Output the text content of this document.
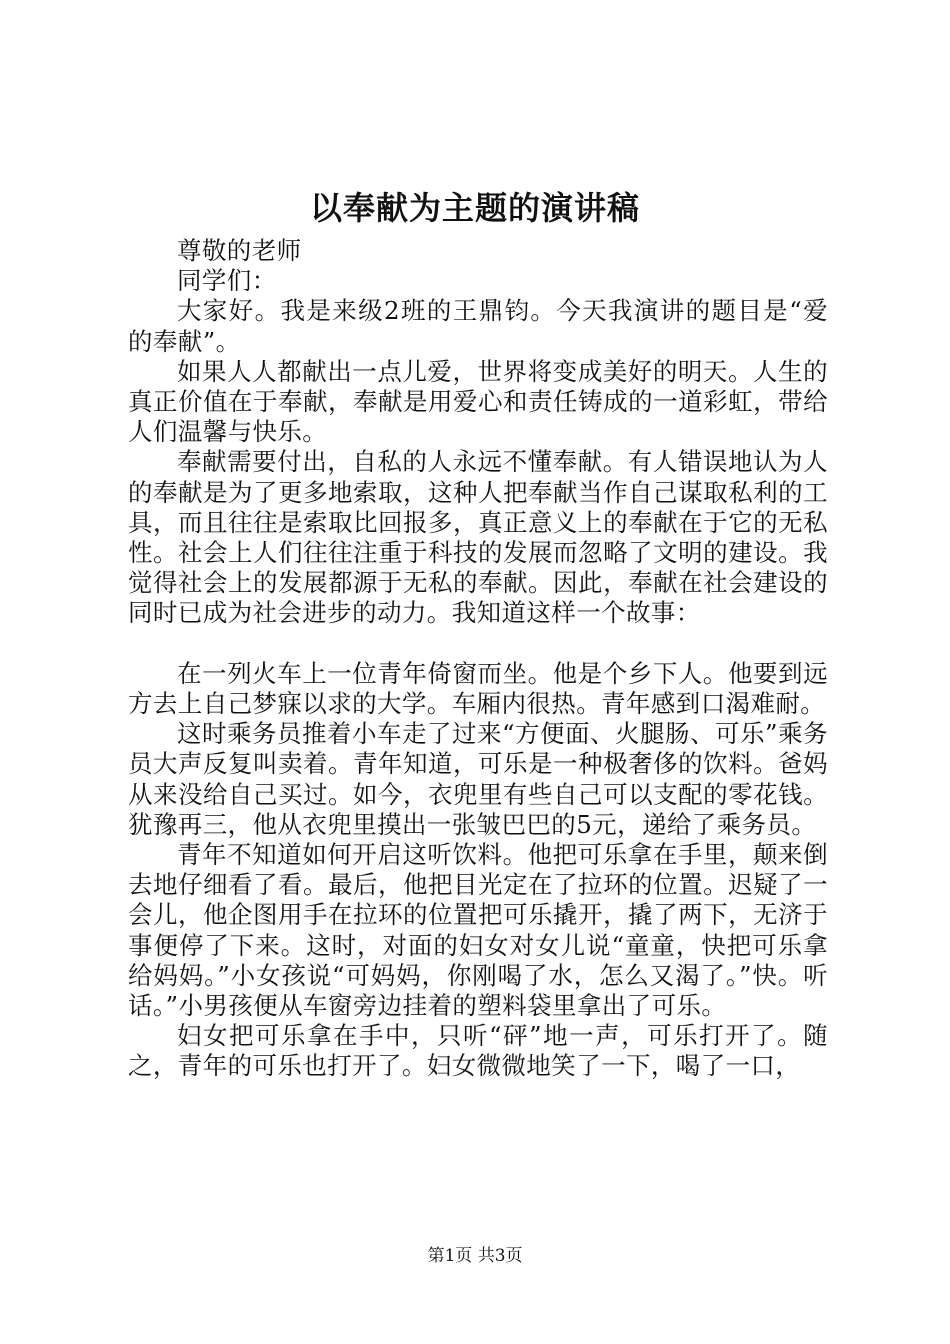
以奉献为主题的演讲稿

尊敬的老师

同学们：

大家好。我是来级2班的王鼎钧。今天我演讲的题目是“爱的奉献”。

如果人人都献出一点儿爱，世界将变成美好的明天。人生的真正价值在于奉献，奉献是用爱心和责任铸成的一道彩虹，带给人们温馨与快乐。

奉献需要付出，自私的人永远不懂奉献。有人错误地认为人的奉献是为了更多地索取，这种人把奉献当作自己谋取私利的工具，而且往往是索取比回报多，真正意义上的奉献在于它的无私性。社会上人们往往注重于科技的发展而忽略了文明的建设。我觉得社会上的发展都源于无私的奉献。因此，奉献在社会建设的同时已成为社会进步的动力。我知道这样一个故事：

在一列火车上一位青年倚窗而坐。他是个乡下人。他要到远方去上自己梦寐以求的大学。车厢内很热。青年感到口渴难耐。

这时乘务员推着小车走了过来“方便面、火腿肠、可乐”乘务员大声反复叫卖着。青年知道，可乐是一种极奢侈的饮料。爸妈从来没给自己买过。如今，衣兜里有些自己可以支配的零花钱。犹豫再三，他从衣兜里摸出一张皱巴巴的5元，递给了乘务员。

青年不知道如何开启这听饮料。他把可乐拿在手里，颠来倒去地仔细看了看。最后，他把目光定在了拉环的位置。迟疑了一会儿，他企图用手在拉环的位置把可乐撬开，撬了两下，无济于事便停了下来。这时，对面的妇女对女儿说“童童，快把可乐拿给妈妈。”小女孩说“可妈妈，你刚喝了水，怎么又渴了。”快。听话。”小男孩便从车窗旁边挂着的塑料袋里拿出了可乐。

妇女把可乐拿在手中，只听“砰”地一声，可乐打开了。随之，青年的可乐也打开了。妇女微微地笑了一下，喝了一口，

第1页 共3页
